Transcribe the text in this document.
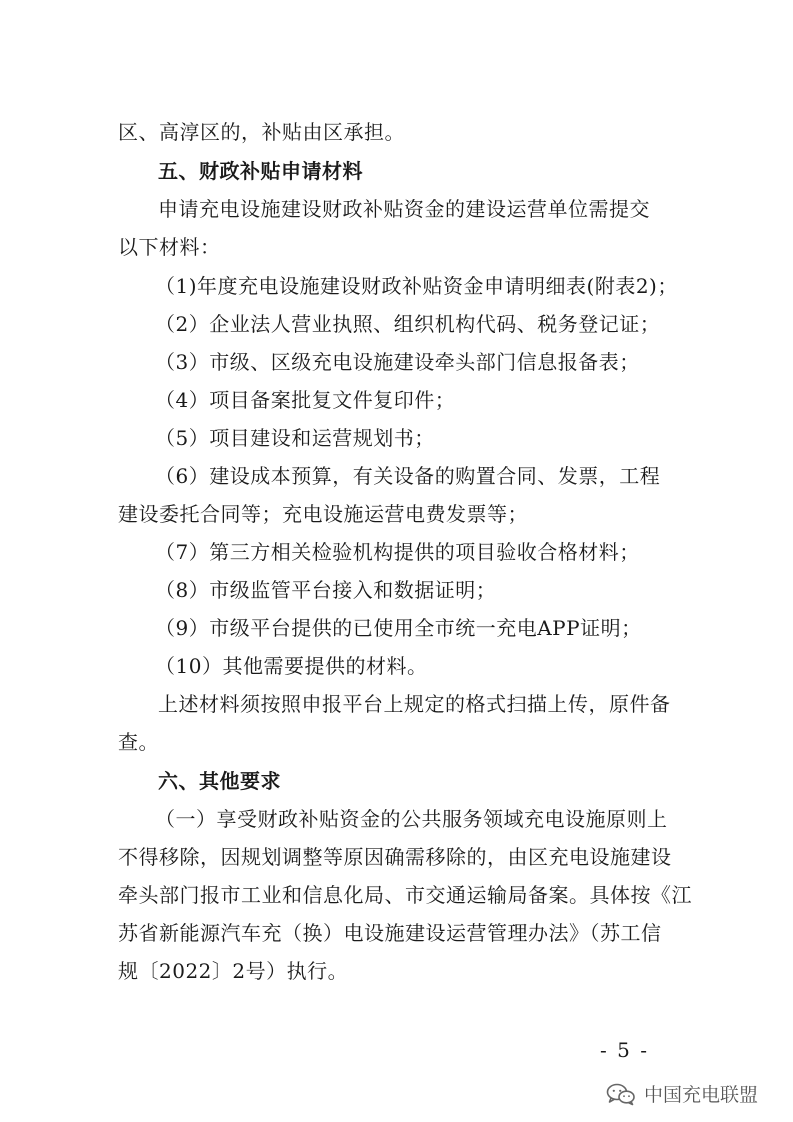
区、高淳区的，补贴由区承担。
五、财政补贴申请材料
申请充电设施建设财政补贴资金的建设运营单位需提交
以下材料：
（1)年度充电设施建设财政补贴资金申请明细表(附表2)；
（2）企业法人营业执照、组织机构代码、税务登记证；
（3）市级、区级充电设施建设牵头部门信息报备表；
（4）项目备案批复文件复印件；
（5）项目建设和运营规划书；
（6）建设成本预算，有关设备的购置合同、发票，工程
建设委托合同等；充电设施运营电费发票等；
（7）第三方相关检验机构提供的项目验收合格材料；
（8）市级监管平台接入和数据证明；
（9）市级平台提供的已使用全市统一充电APP证明；
（10）其他需要提供的材料。
上述材料须按照申报平台上规定的格式扫描上传，原件备
查。
六、其他要求
（一）享受财政补贴资金的公共服务领域充电设施原则上
不得移除，因规划调整等原因确需移除的，由区充电设施建设
牵头部门报市工业和信息化局、市交通运输局备案。具体按《江
苏省新能源汽车充（换）电设施建设运营管理办法》（苏工信
规〔2022〕2号）执行。
- 5 -
中国充电联盟
